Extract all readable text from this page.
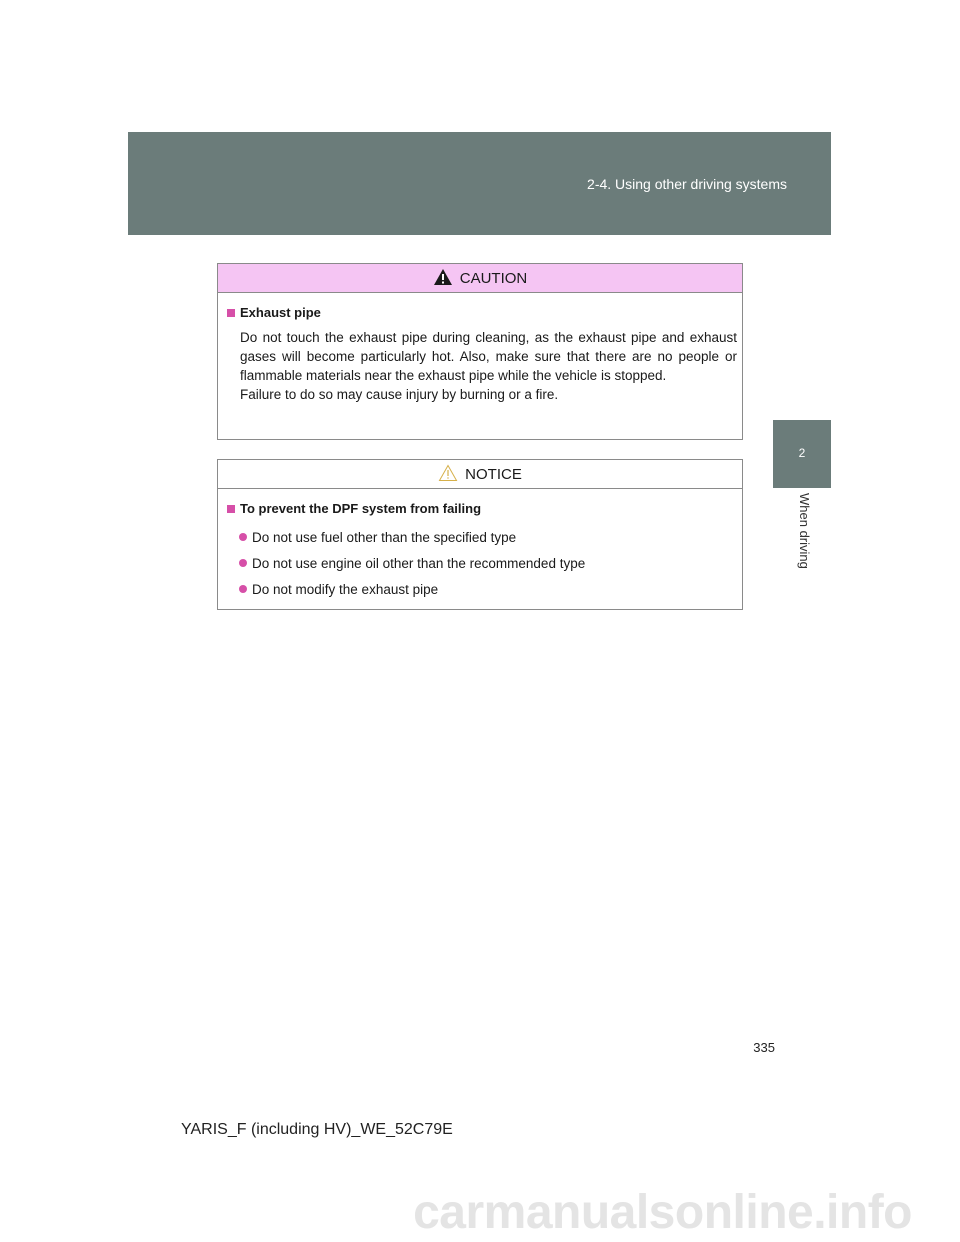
2-4. Using other driving systems
2
When driving
CAUTION
Exhaust pipe
Do not touch the exhaust pipe during cleaning, as the exhaust pipe and exhaust gases will become particularly hot. Also, make sure that there are no people or flammable materials near the exhaust pipe while the vehicle is stopped.
Failure to do so may cause injury by burning or a fire.
NOTICE
To prevent the DPF system from failing
Do not use fuel other than the specified type
Do not use engine oil other than the recommended type
Do not modify the exhaust pipe
335
YARIS_F (including HV)_WE_52C79E
carmanualsonline.info
